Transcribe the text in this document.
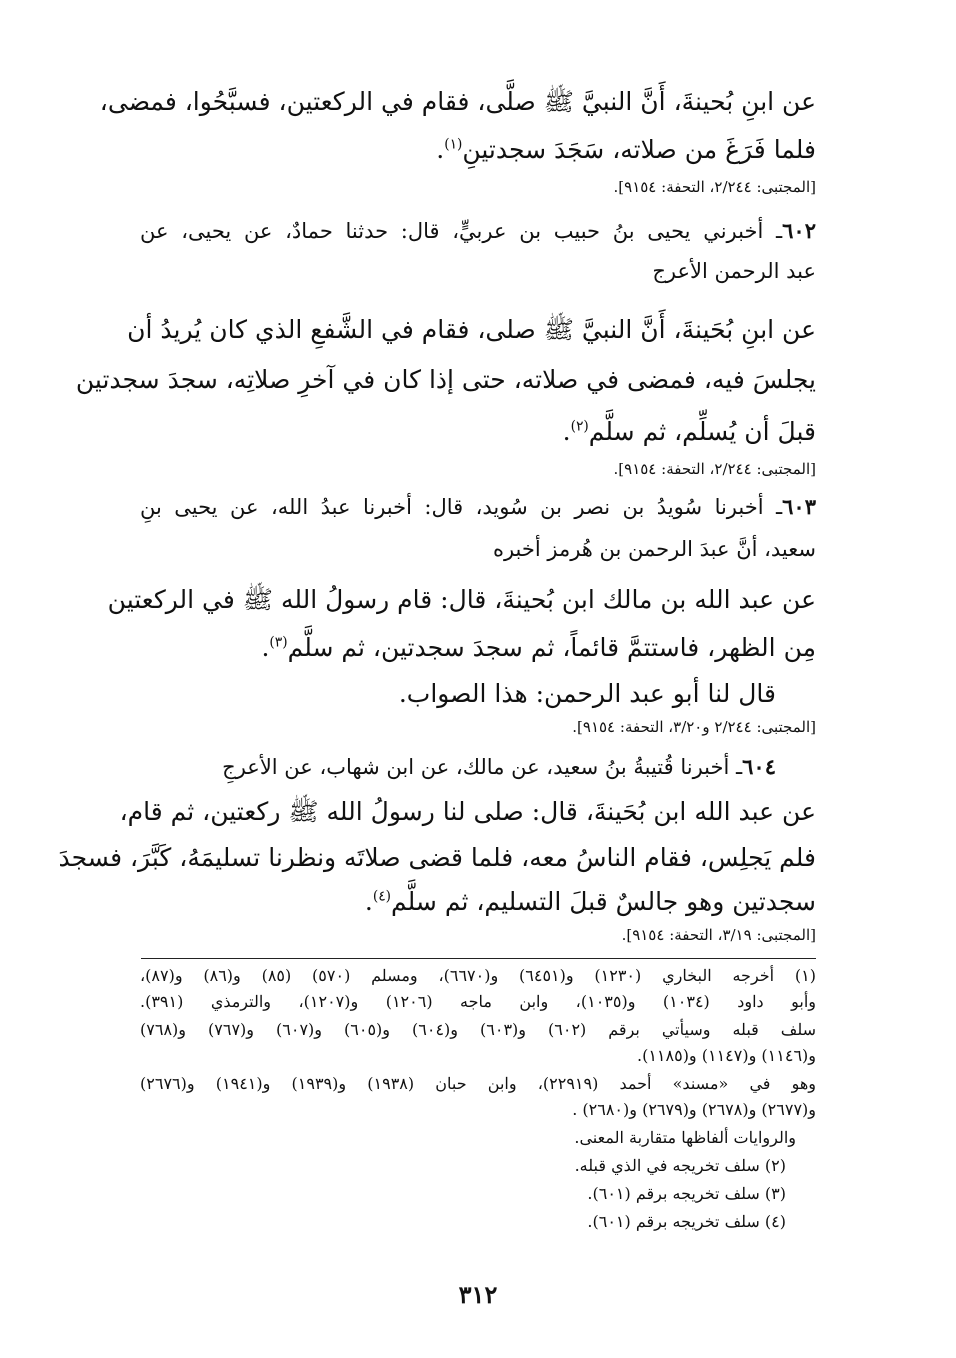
عن ابنِ بُحينةَ، أَنَّ النبيَّ ﷺ صلَّى، فقام في الركعتين، فسبَّحُوا، فمضى،
فلما فَرَغَ من صلاته، سَجَدَ سجدتينِ$^{(١)}$.
[المجتبى: ٢/٢٤٤، التحفة: ٩١٥٤].
٦٠٢ـ أخبرني يحيى بنُ حبيب بن عربيٍّ، قال: حدثنا حمادٌ، عن يحيى، عن
عبد الرحمن الأعرج
عن ابنِ بُحَينةَ، أَنَّ النبيَّ ﷺ صلى، فقام في الشَّفعِ الذي كان يُريدُ أن
يجلسَ فيه، فمضى في صلاته، حتى إذا كان في آخرِ صلاتِه، سجدَ سجدتين
قبلَ أن يُسلِّم، ثم سلَّم$^{(٢)}$.
[المجتبى: ٢/٢٤٤، التحفة: ٩١٥٤].
٦٠٣ـ أخبرنا سُويدُ بن نصر بن سُويد، قال: أخبرنا عبدُ الله، عن يحيى بنِ
سعيد، أنَّ عبدَ الرحمن بن هُرمز أخبره
عن عبد الله بن مالك ابن بُحينةَ، قال: قام رسولُ الله ﷺ في الركعتين
مِن الظهر، فاستتمَّ قائماً، ثم سجدَ سجدتين، ثم سلَّم$^{(٣)}$.
قال لنا أبو عبد الرحمن: هذا الصواب.
[المجتبى: ٢/٢٤٤ و٣/٢٠، التحفة: ٩١٥٤].
٦٠٤ـ أخبرنا قُتيبةُ بنُ سعيد، عن مالك، عن ابن شهاب، عن الأعرجِ
عن عبد الله ابن بُحَينةَ، قال: صلى لنا رسولُ الله ﷺ ركعتين، ثم قام،
فلم يَجلِس، فقام الناسُ معه، فلما قضى صلاتَه ونظرنا تسليمَهُ، كَبَّرَ، فسجدَ
سجدتين وهو جالسٌ قبلَ التسليم، ثم سلَّم$^{(٤)}$.
[المجتبى: ٣/١٩، التحفة: ٩١٥٤].
(١) أخرجه البخاري (١٢٣٠) و(٦٤٥١) و(٦٦٧٠)، ومسلم (٥٧٠) (٨٥) و(٨٦) و(٨٧)،
وأبو داود (١٠٣٤) و(١٠٣٥)، وابن ماجه (١٢٠٦) و(١٢٠٧)، والترمذي (٣٩١).
سلف قبله وسيأتي برقم (٦٠٢) و(٦٠٣) و(٦٠٤) و(٦٠٥) و(٦٠٧) و(٧٦٧) و(٧٦٨)
و(١١٤٦) و(١١٤٧) و(١١٨٥).
وهو في «مسند» أحمد (٢٢٩١٩)، وابن حبان (١٩٣٨) و(١٩٣٩) و(١٩٤١) و(٢٦٧٦)
و(٢٦٧٧) و(٢٦٧٨) و(٢٦٧٩) و(٢٦٨٠) .
والروايات ألفاظها متقاربة المعنى.
(٢) سلف تخريجه في الذي قبله.
(٣) سلف تخريجه برقم (٦٠١).
(٤) سلف تخريجه برقم (٦٠١).
٣١٢
